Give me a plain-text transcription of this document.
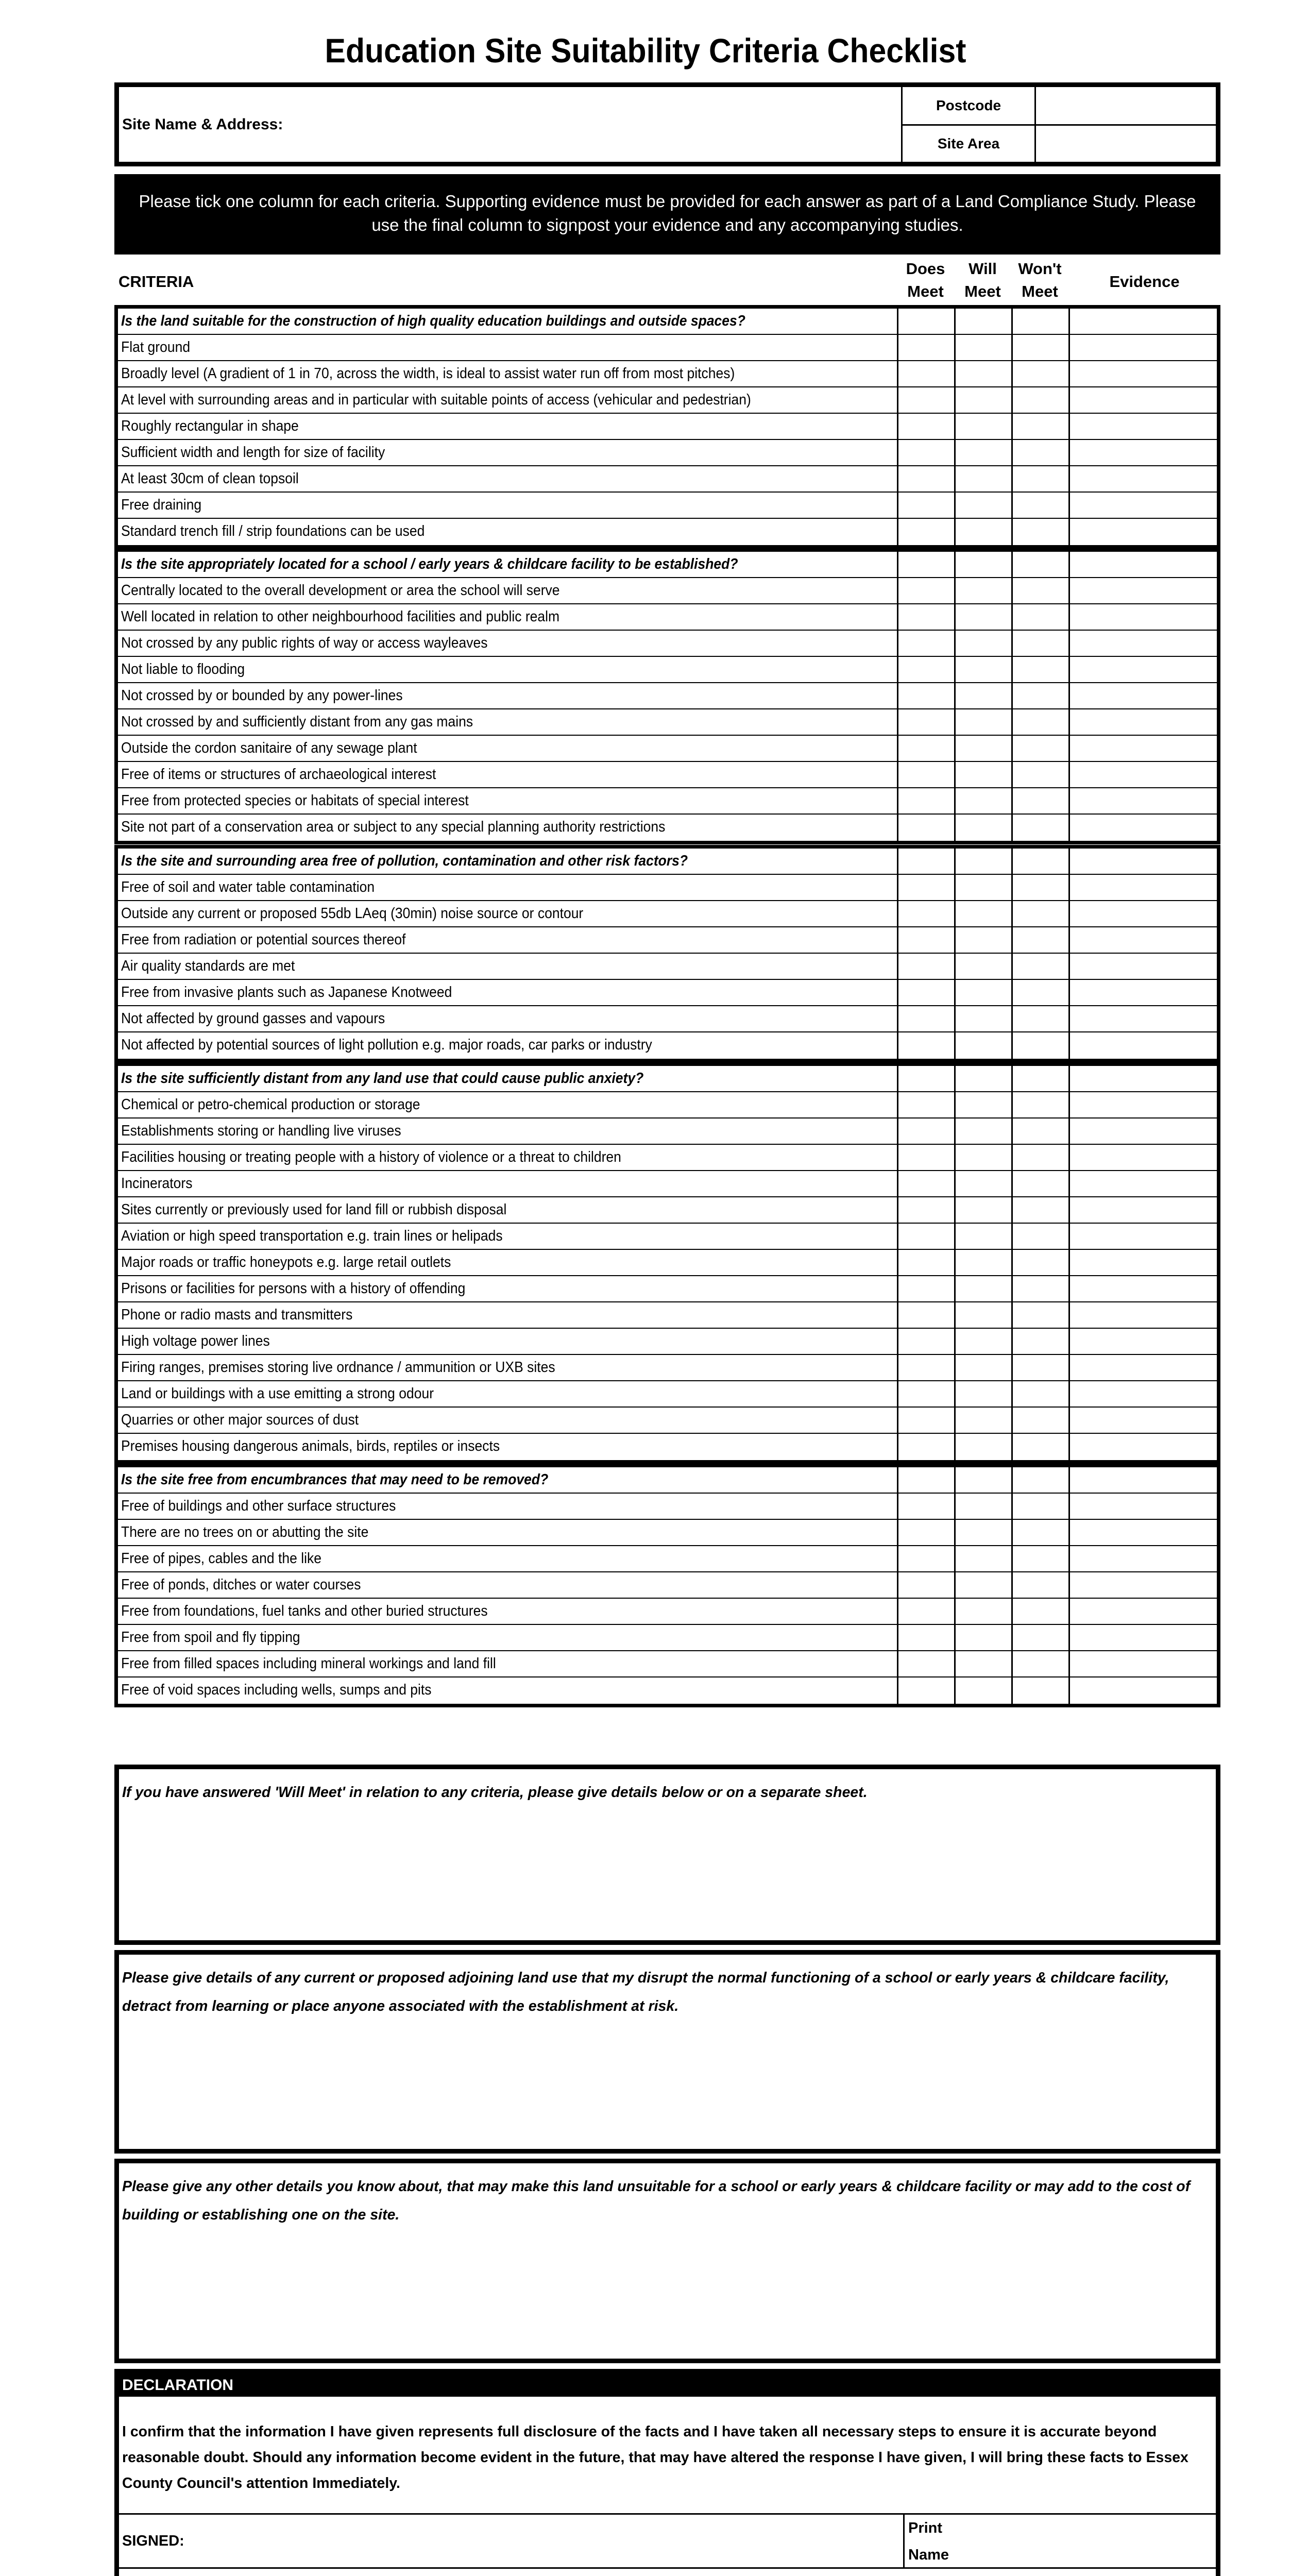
Education Site Suitability Criteria Checklist
Site Name & Address:
Postcode
Site Area
Please tick one column for each criteria. Supporting evidence must be provided for each answer as part of a Land Compliance Study. Please use the final column to signpost your evidence and any accompanying studies.
CRITERIA
Does
Meet
Will
Meet
Won't
Meet
Evidence
Is the land suitable for the construction of high quality education buildings and outside spaces?
Flat ground
Broadly level (A gradient of 1 in 70, across the width, is ideal to assist water run off from most pitches)
At level with surrounding areas and in particular with suitable points of access (vehicular and pedestrian)
Roughly rectangular in shape
Sufficient width and length for size of facility
At least 30cm of clean topsoil
Free draining
Standard trench fill / strip foundations can be used
Is the site appropriately located for a school / early years & childcare facility to be established?
Centrally located to the overall development or area the school will serve
Well located in relation to other neighbourhood facilities and public realm
Not crossed by any public rights of way or access wayleaves
Not liable to flooding
Not crossed by or bounded by any power-lines
Not crossed by and sufficiently distant from any gas mains
Outside the cordon sanitaire of any sewage plant
Free of items or structures of archaeological interest
Free from protected species or habitats of special interest
Site not part of a conservation area or subject to any special planning authority restrictions
Is the site and surrounding area free of pollution, contamination and other risk factors?
Free of soil and water table contamination
Outside any current or proposed 55db LAeq (30min) noise source or contour
Free from radiation or potential sources thereof
Air quality standards are met
Free from invasive plants such as Japanese Knotweed
Not affected by ground gasses and vapours
Not affected by potential sources of light pollution e.g. major roads, car parks or industry
Is the site sufficiently distant from any land use that could cause public anxiety?
Chemical or petro-chemical production or storage
Establishments storing or handling live viruses
Facilities housing or treating people with a history of violence or a threat to children
Incinerators
Sites currently or previously used for land fill or rubbish disposal
Aviation or high speed transportation e.g. train lines or helipads
Major roads or traffic honeypots e.g. large retail outlets
Prisons or facilities for persons with a history of offending
Phone or radio masts and transmitters
High voltage power lines
Firing ranges, premises storing live ordnance / ammunition or UXB sites
Land or buildings with a use emitting a strong odour
Quarries or other major sources of dust
Premises housing dangerous animals, birds, reptiles or insects
Is the site free from encumbrances that may need to be removed?
Free of buildings and other surface structures
There are no trees on or abutting the site
Free of pipes, cables and the like
Free of ponds, ditches or water courses
Free from foundations, fuel tanks and other buried structures
Free from spoil and fly tipping
Free from filled spaces including mineral workings and land fill
Free of void spaces including wells, sumps and pits
If you have answered 'Will Meet' in relation to any criteria, please give details below or on a separate sheet.
Please give details of any current or proposed adjoining land use that my disrupt the normal functioning of a school or early years & childcare facility, detract from learning or place anyone associated with the establishment at risk.
Please give any other details you know about, that may make this land unsuitable for a school or early years & childcare facility or may add to the cost of building or establishing one on the site.
DECLARATION
I confirm that the information I have given represents full disclosure of the facts and I have taken all necessary steps to ensure it is accurate beyond reasonable doubt. Should any information become evident in the future, that may have altered the response I have given, I will bring these facts to Essex County Council's attention Immediately.
SIGNED:
Print
Name
